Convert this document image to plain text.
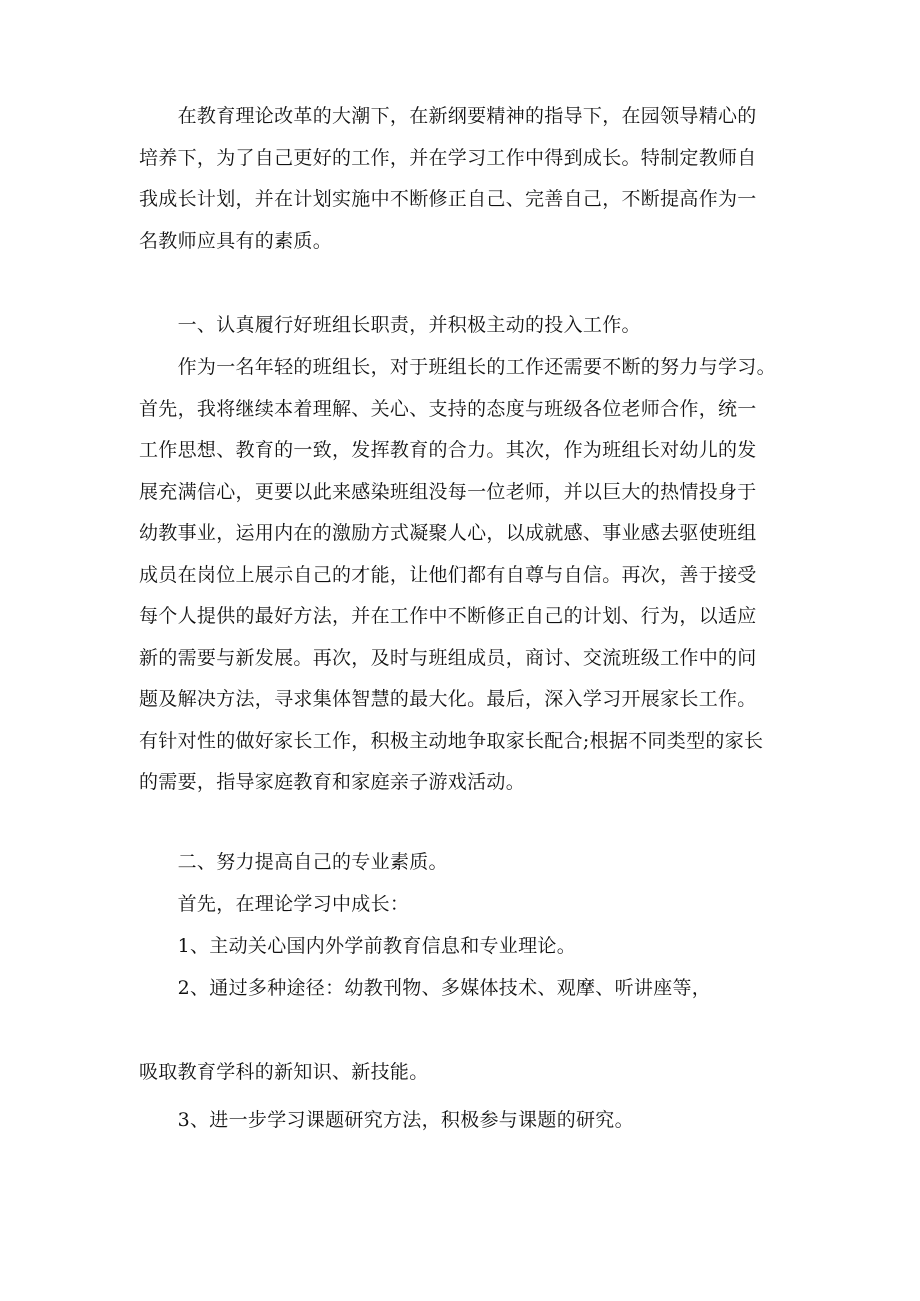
　　在教育理论改革的大潮下，在新纲要精神的指导下，在园领导精心的
培养下，为了自己更好的工作，并在学习工作中得到成长。特制定教师自
我成长计划，并在计划实施中不断修正自己、完善自己，不断提高作为一
名教师应具有的素质。

　　一、认真履行好班组长职责，并积极主动的投入工作。

　　作为一名年轻的班组长，对于班组长的工作还需要不断的努力与学习。
首先，我将继续本着理解、关心、支持的态度与班级各位老师合作，统一
工作思想、教育的一致，发挥教育的合力。其次，作为班组长对幼儿的发
展充满信心，更要以此来感染班组没每一位老师，并以巨大的热情投身于
幼教事业，运用内在的激励方式凝聚人心，以成就感、事业感去驱使班组
成员在岗位上展示自己的才能，让他们都有自尊与自信。再次，善于接受
每个人提供的最好方法，并在工作中不断修正自己的计划、行为，以适应
新的需要与新发展。再次，及时与班组成员，商讨、交流班级工作中的问
题及解决方法，寻求集体智慧的最大化。最后，深入学习开展家长工作。
有针对性的做好家长工作，积极主动地争取家长配合;根据不同类型的家长
的需要，指导家庭教育和家庭亲子游戏活动。

　　二、努力提高自己的专业素质。

　　首先，在理论学习中成长：

　　1、主动关心国内外学前教育信息和专业理论。

　　2、通过多种途径：幼教刊物、多媒体技术、观摩、听讲座等，

吸取教育学科的新知识、新技能。

　　3、进一步学习课题研究方法，积极参与课题的研究。
